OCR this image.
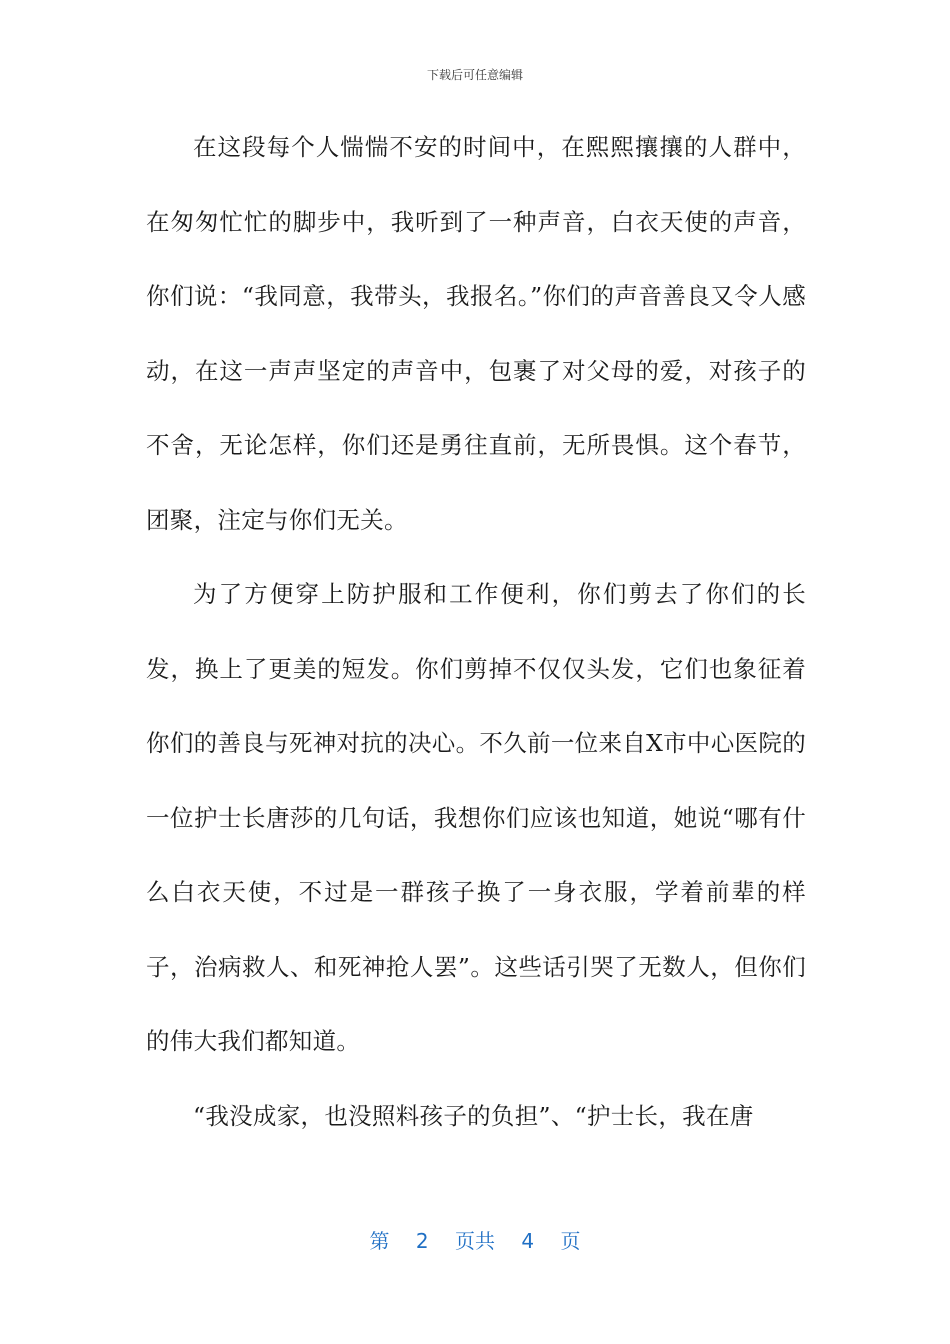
下载后可任意编辑

在这段每个人惴惴不安的时间中，在熙熙攘攘的人群中，在匆匆忙忙的脚步中，我听到了一种声音，白衣天使的声音，你们说：“我同意，我带头，我报名。”你们的声音善良又令人感动，在这一声声坚定的声音中，包裹了对父母的爱，对孩子的不舍，无论怎样，你们还是勇往直前，无所畏惧。这个春节，团聚，注定与你们无关。

为了方便穿上防护服和工作便利，你们剪去了你们的长发，换上了更美的短发。你们剪掉不仅仅头发，它们也象征着你们的善良与死神对抗的决心。不久前一位来自X市中心医院的一位护士长唐莎的几句话，我想你们应该也知道，她说“哪有什么白衣天使，不过是一群孩子换了一身衣服，学着前辈的样子，治病救人、和死神抢人罢”。这些话引哭了无数人，但你们的伟大我们都知道。

“我没成家，也没照料孩子的负担”、“护士长，我在唐

第 2 页共 4 页
